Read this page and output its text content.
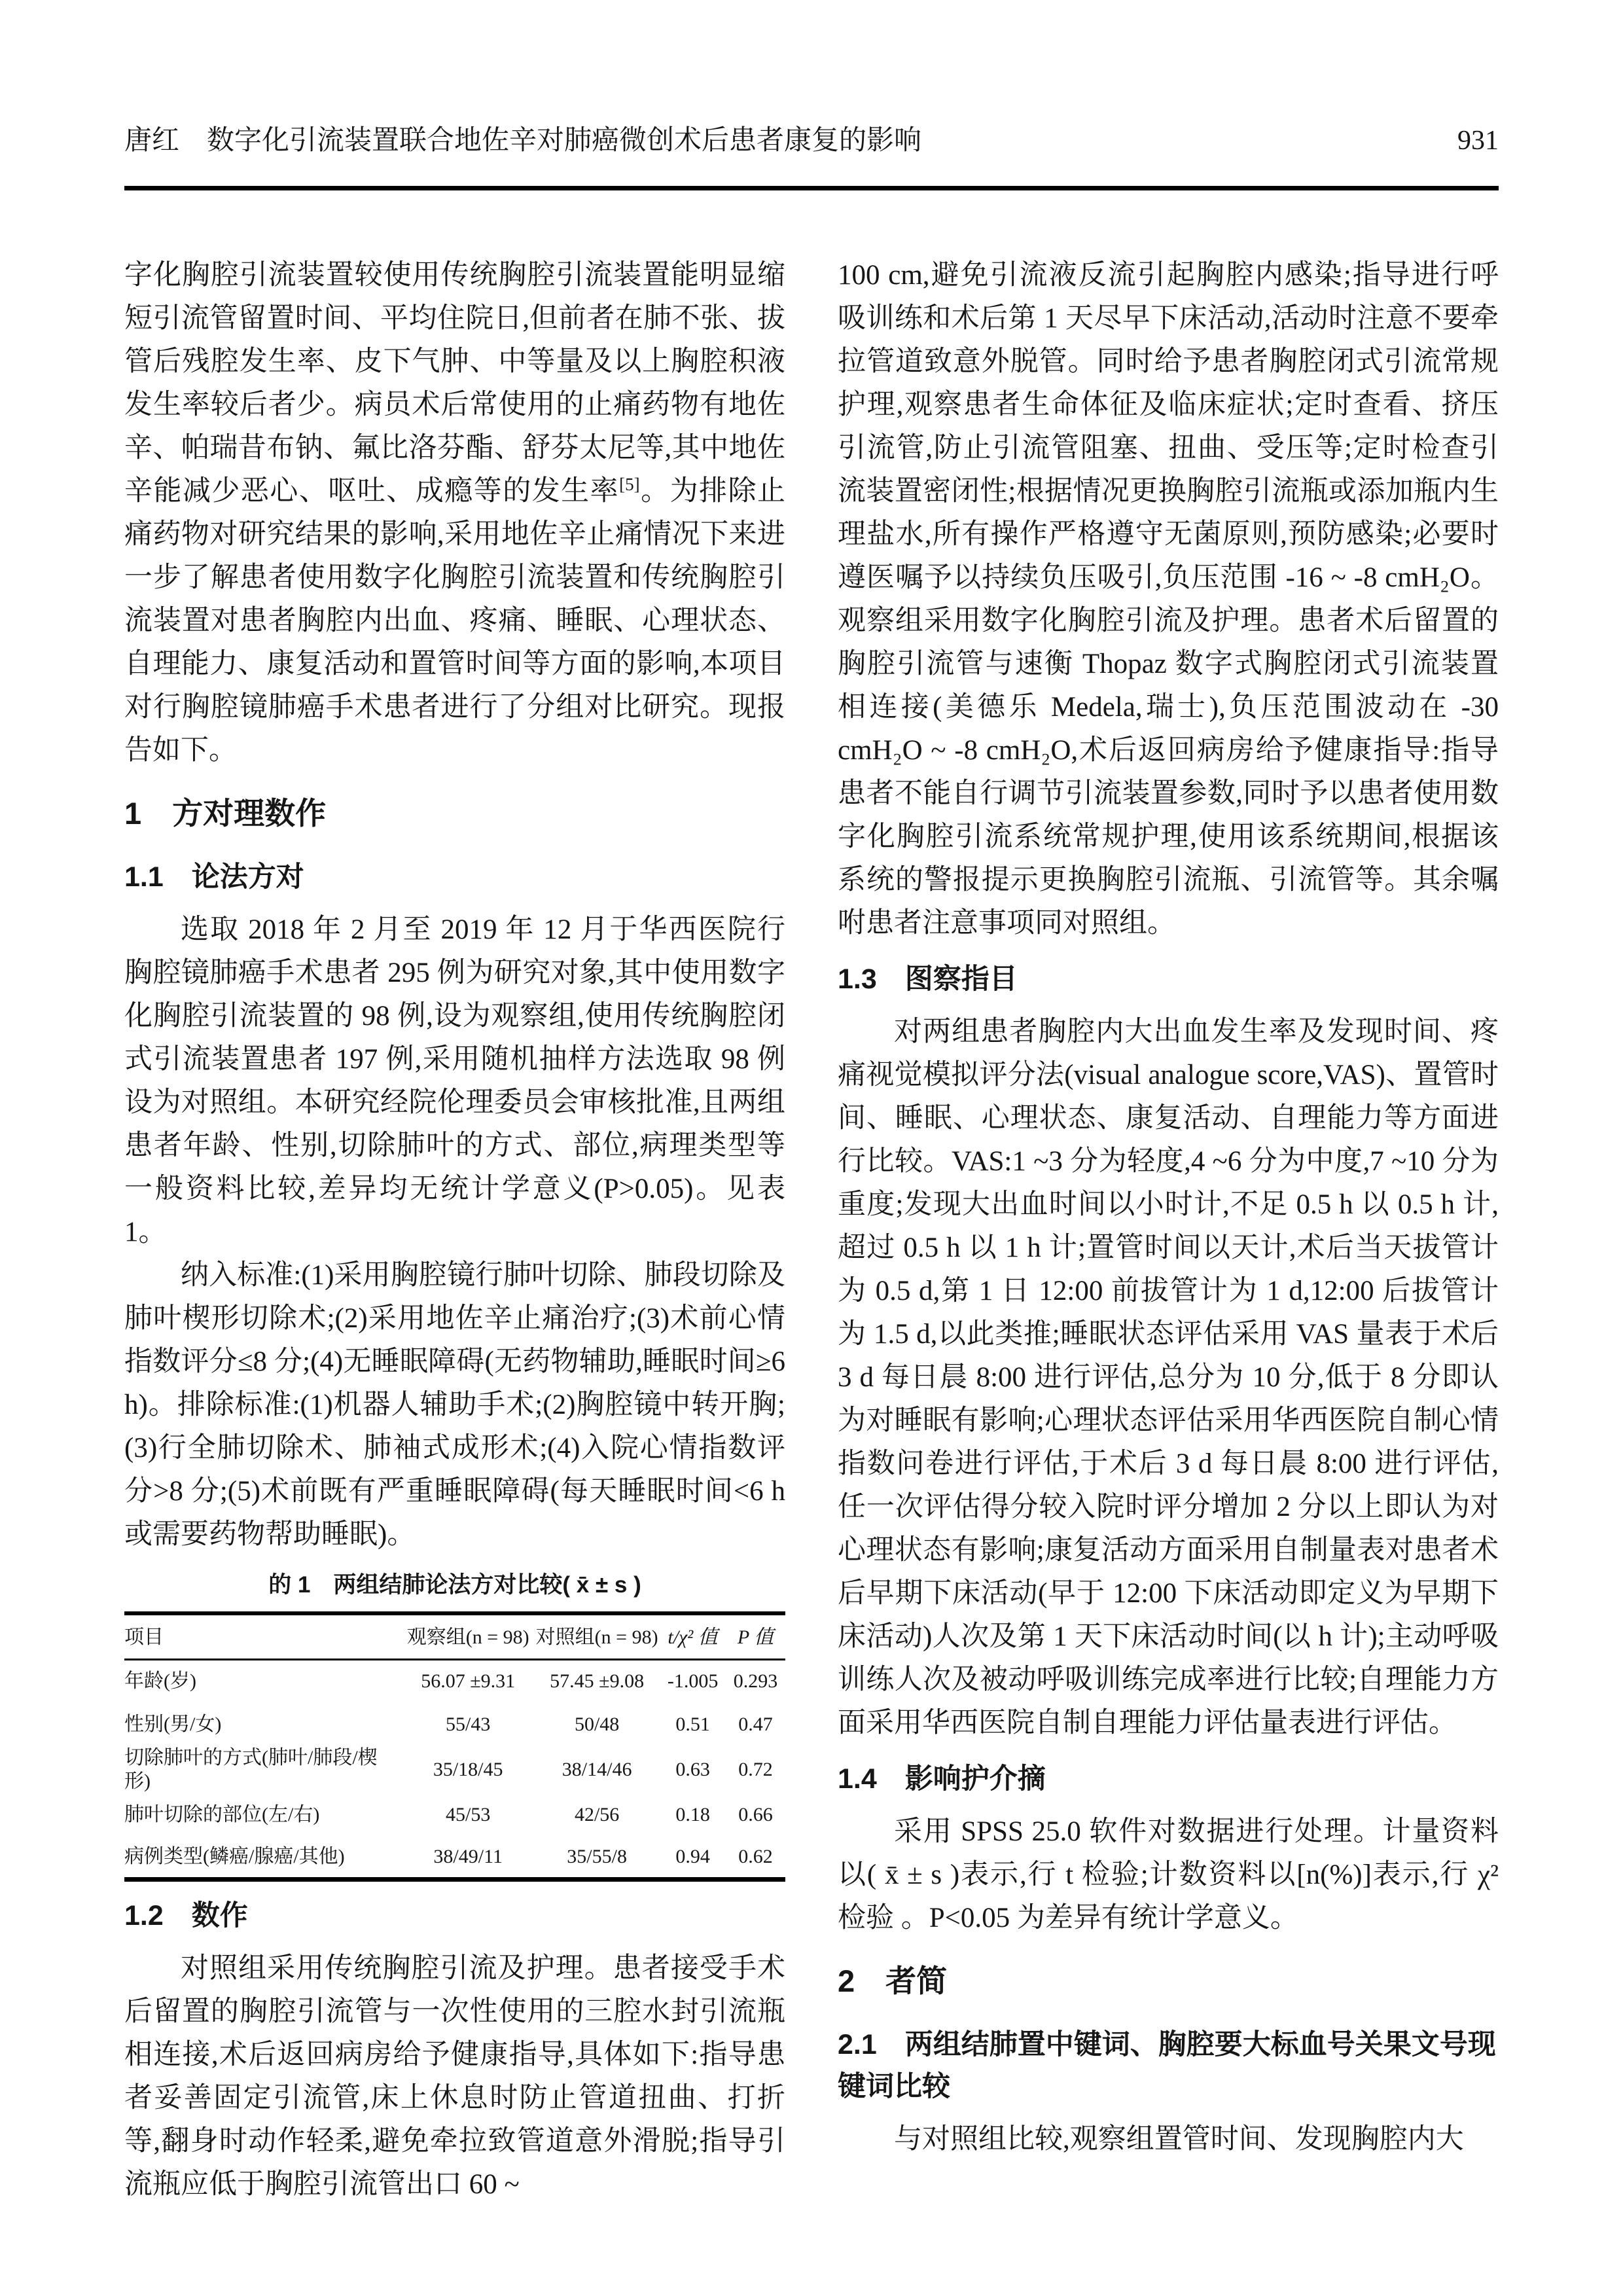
唐红　数字化引流装置联合地佐辛对肺癌微创术后患者康复的影响	931

字化胸腔引流装置较使用传统胸腔引流装置能明显缩短引流管留置时间、平均住院日,但前者在肺不张、拔管后残腔发生率、皮下气肿、中等量及以上胸腔积液发生率较后者少。病员术后常使用的止痛药物有地佐辛、帕瑞昔布钠、氟比洛芬酯、舒芬太尼等,其中地佐辛能减少恶心、呕吐、成瘾等的发生率[5]。为排除止痛药物对研究结果的影响,采用地佐辛止痛情况下来进一步了解患者使用数字化胸腔引流装置和传统胸腔引流装置对患者胸腔内出血、疼痛、睡眠、心理状态、自理能力、康复活动和置管时间等方面的影响,本项目对行胸腔镜肺癌手术患者进行了分组对比研究。现报告如下。

1　方对理数作
1.1　论法方对

选取 2018 年 2 月至 2019 年 12 月于华西医院行胸腔镜肺癌手术患者 295 例为研究对象,其中使用数字化胸腔引流装置的 98 例,设为观察组,使用传统胸腔闭式引流装置患者 197 例,采用随机抽样方法选取 98 例设为对照组。本研究经院伦理委员会审核批准,且两组患者年龄、性别,切除肺叶的方式、部位,病理类型等一般资料比较,差异均无统计学意义(P>0.05)。见表 1。

纳入标准:(1)采用胸腔镜行肺叶切除、肺段切除及肺叶楔形切除术;(2)采用地佐辛止痛治疗;(3)术前心情指数评分≤8 分;(4)无睡眠障碍(无药物辅助,睡眠时间≥6 h)。排除标准:(1)机器人辅助手术;(2)胸腔镜中转开胸;(3)行全肺切除术、肺袖式成形术;(4)入院心情指数评分>8 分;(5)术前既有严重睡眠障碍(每天睡眠时间<6 h 或需要药物帮助睡眠)。

的 1　两组结肺论法方对比较( x̄ ± s )
项目	观察组(n = 98)	对照组(n = 98)	t/χ² 值	P 值
年龄(岁)	56.07 ±9.31	57.45 ±9.08	-1.005	0.293
性别(男/女)	55/43	50/48	0.51	0.47
切除肺叶的方式(肺叶/肺段/楔形)	35/18/45	38/14/46	0.63	0.72
肺叶切除的部位(左/右)	45/53	42/56	0.18	0.66
病例类型(鳞癌/腺癌/其他)	38/49/11	35/55/8	0.94	0.62
1.2　数作

对照组采用传统胸腔引流及护理。患者接受手术后留置的胸腔引流管与一次性使用的三腔水封引流瓶相连接,术后返回病房给予健康指导,具体如下:指导患者妥善固定引流管,床上休息时防止管道扭曲、打折等,翻身时动作轻柔,避免牵拉致管道意外滑脱;指导引流瓶应低于胸腔引流管出口 60 ~

100 cm,避免引流液反流引起胸腔内感染;指导进行呼吸训练和术后第 1 天尽早下床活动,活动时注意不要牵拉管道致意外脱管。同时给予患者胸腔闭式引流常规护理,观察患者生命体征及临床症状;定时查看、挤压引流管,防止引流管阻塞、扭曲、受压等;定时检查引流装置密闭性;根据情况更换胸腔引流瓶或添加瓶内生理盐水,所有操作严格遵守无菌原则,预防感染;必要时遵医嘱予以持续负压吸引,负压范围 -16 ~ -8 cmH₂O。 观察组采用数字化胸腔引流及护理。患者术后留置的胸腔引流管与速衡 Thopaz 数字式胸腔闭式引流装置相连接(美德乐 Medela,瑞士),负压范围波动在 -30 cmH₂O ~ -8 cmH₂O,术后返回病房给予健康指导:指导患者不能自行调节引流装置参数,同时予以患者使用数字化胸腔引流系统常规护理,使用该系统期间,根据该系统的警报提示更换胸腔引流瓶、引流管等。其余嘱咐患者注意事项同对照组。

1.3　图察指目

对两组患者胸腔内大出血发生率及发现时间、疼痛视觉模拟评分法(visual analogue score,VAS)、置管时间、睡眠、心理状态、康复活动、自理能力等方面进行比较。VAS:1 ~3 分为轻度,4 ~6 分为中度,7 ~10 分为重度;发现大出血时间以小时计,不足 0.5 h 以 0.5 h 计,超过 0.5 h 以 1 h 计;置管时间以天计,术后当天拔管计为 0.5 d,第 1 日 12:00 前拔管计为 1 d,12:00 后拔管计为 1.5 d,以此类推;睡眠状态评估采用 VAS 量表于术后 3 d 每日晨 8:00 进行评估,总分为 10 分,低于 8 分即认为对睡眠有影响;心理状态评估采用华西医院自制心情指数问卷进行评估,于术后 3 d 每日晨 8:00 进行评估,任一次评估得分较入院时评分增加 2 分以上即认为对心理状态有影响;康复活动方面采用自制量表对患者术后早期下床活动(早于 12:00 下床活动即定义为早期下床活动)人次及第 1 天下床活动时间(以 h 计);主动呼吸训练人次及被动呼吸训练完成率进行比较;自理能力方面采用华西医院自制自理能力评估量表进行评估。

1.4　影响护介摘

采用 SPSS 25.0 软件对数据进行处理。计量资料以( x̄ ± s )表示,行 t 检验;计数资料以[n(%)]表示,行 χ² 检验 。P<0.05 为差异有统计学意义。

2　者简
2.1　两组结肺置中键词、胸腔要大标血号关果文号现键词比较

与对照组比较,观察组置管时间、发现胸腔内大
